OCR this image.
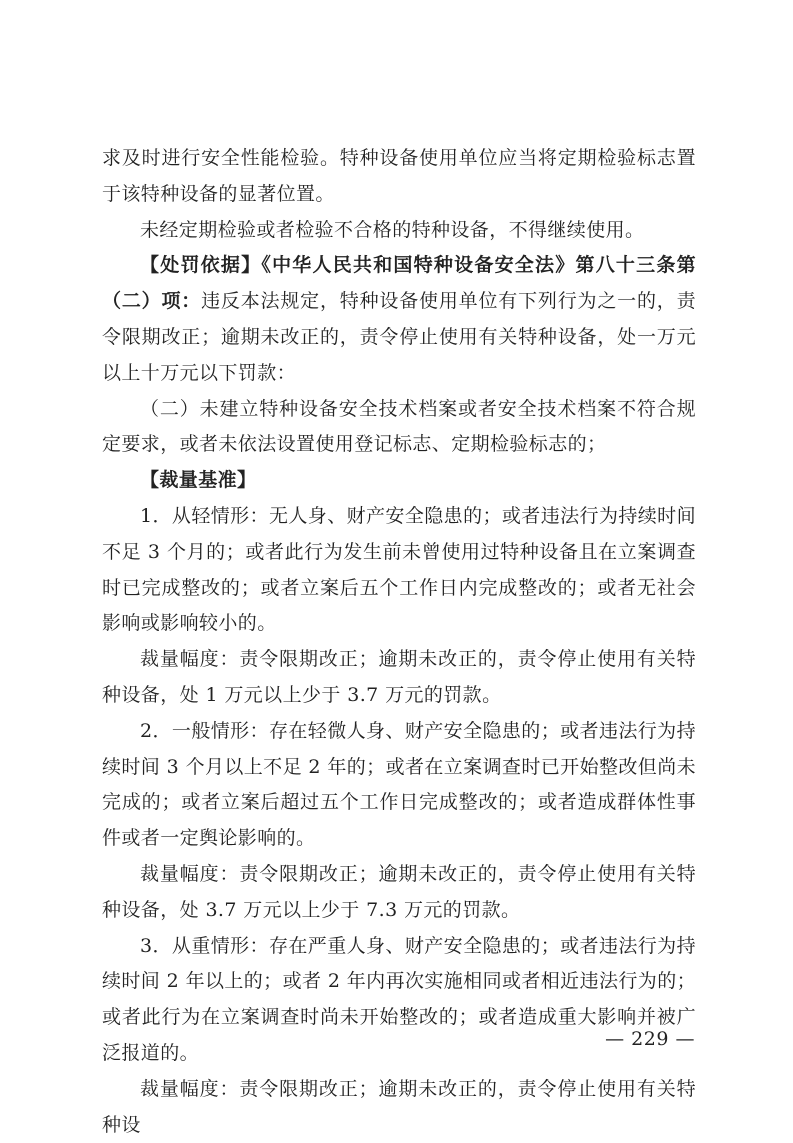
求及时进行安全性能检验。特种设备使用单位应当将定期检验标志置于该特种设备的显著位置。

未经定期检验或者检验不合格的特种设备，不得继续使用。

【处罚依据】《中华人民共和国特种设备安全法》第八十三条第（二）项：违反本法规定，特种设备使用单位有下列行为之一的，责令限期改正；逾期未改正的，责令停止使用有关特种设备，处一万元以上十万元以下罚款：

（二）未建立特种设备安全技术档案或者安全技术档案不符合规定要求，或者未依法设置使用登记标志、定期检验标志的；

【裁量基准】

1．从轻情形：无人身、财产安全隐患的；或者违法行为持续时间不足 3 个月的；或者此行为发生前未曾使用过特种设备且在立案调查时已完成整改的；或者立案后五个工作日内完成整改的；或者无社会影响或影响较小的。

裁量幅度：责令限期改正；逾期未改正的，责令停止使用有关特种设备，处 1 万元以上少于 3.7 万元的罚款。

2．一般情形：存在轻微人身、财产安全隐患的；或者违法行为持续时间 3 个月以上不足 2 年的；或者在立案调查时已开始整改但尚未完成的；或者立案后超过五个工作日完成整改的；或者造成群体性事件或者一定舆论影响的。

裁量幅度：责令限期改正；逾期未改正的，责令停止使用有关特种设备，处 3.7 万元以上少于 7.3 万元的罚款。

3．从重情形：存在严重人身、财产安全隐患的；或者违法行为持续时间 2 年以上的；或者 2 年内再次实施相同或者相近违法行为的；或者此行为在立案调查时尚未开始整改的；或者造成重大影响并被广泛报道的。

裁量幅度：责令限期改正；逾期未改正的，责令停止使用有关特种设

— 229 —
